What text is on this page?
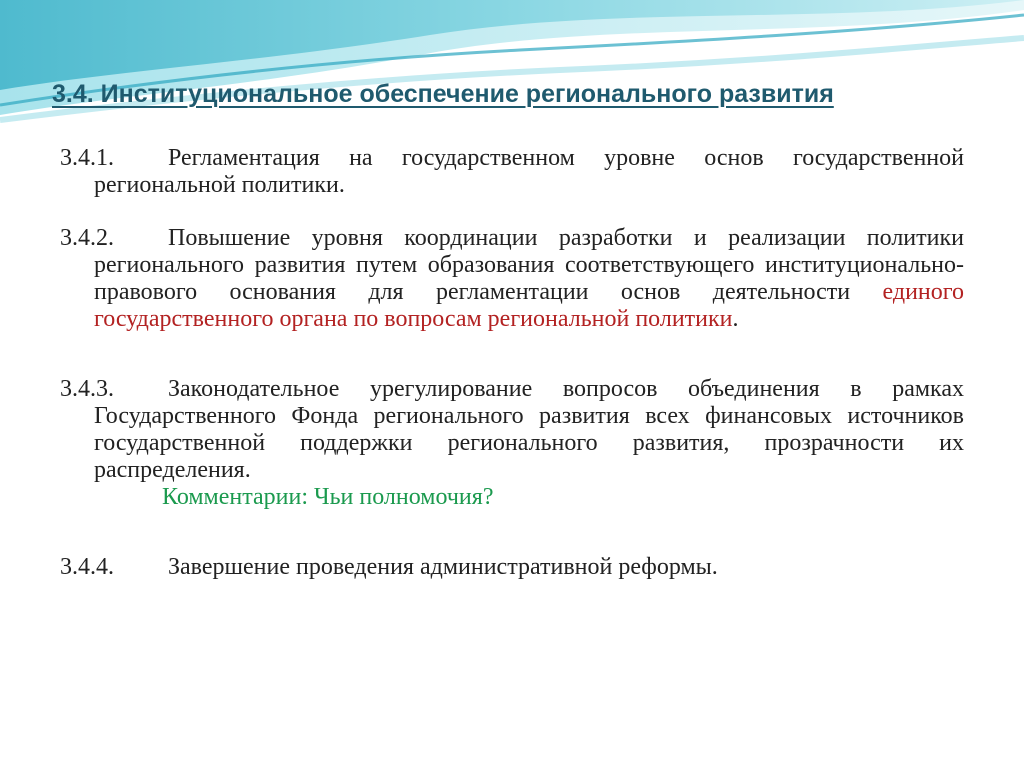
3.4. Институциональное обеспечение регионального развития
3.4.1.	Регламентация на государственном уровне основ государственной региональной политики.
3.4.2.	Повышение уровня координации разработки и реализации политики регионального развития путем образования соответствующего институционально-правового основания для регламентации основ деятельности единого государственного органа по вопросам региональной политики.
3.4.3.	Законодательное урегулирование вопросов объединения в рамках Государственного Фонда регионального развития всех финансовых источников государственной поддержки регионального развития, прозрачности их распределения.
Комментарии: Чьи полномочия?
3.4.4.	Завершение проведения административной реформы.
